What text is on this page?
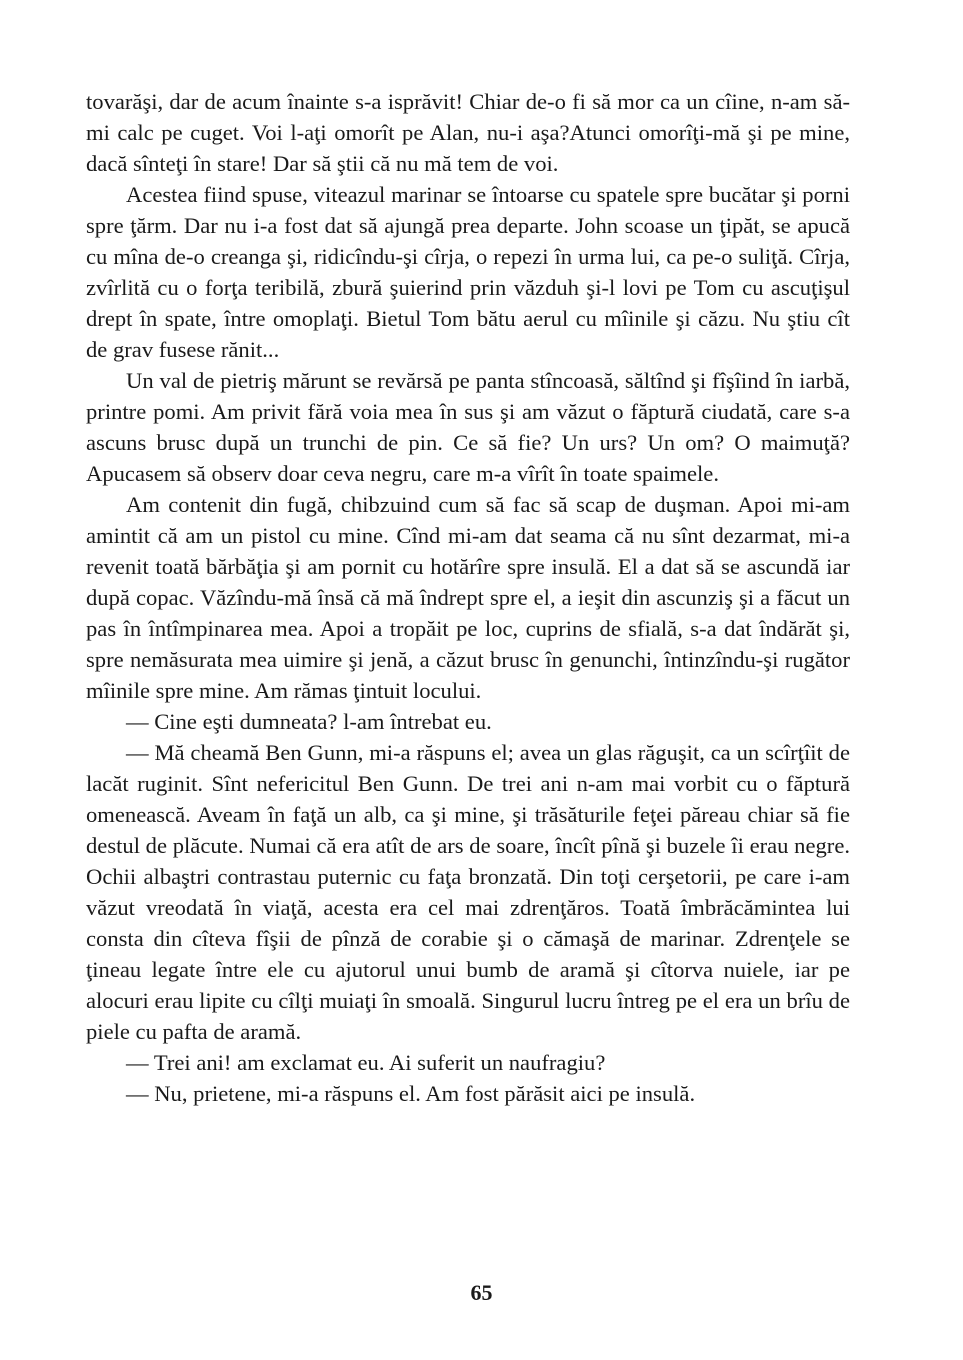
tovarăşi, dar de acum înainte s-a isprăvit! Chiar de-o fi să mor ca un cîine, n-am să-mi calc pe cuget. Voi l-aţi omorît pe Alan, nu-i aşa?Atunci omorîţi-mă şi pe mine, dacă sînteţi în stare! Dar să ştii că nu mă tem de voi.

Acestea fiind spuse, viteazul marinar se întoarse cu spatele spre bucătar şi porni spre ţărm. Dar nu i-a fost dat să ajungă prea departe. John scoase un ţipăt, se apucă cu mîna de-o creanga şi, ridicîndu-şi cîrja, o repezi în urma lui, ca pe-o suliţă. Cîrja, zvîrlită cu o forţa teribilă, zbură şuierind prin văzduh şi-l lovi pe Tom cu ascuţişul drept în spate, între omoplaţi. Bietul Tom bătu aerul cu mîinile şi căzu. Nu ştiu cît de grav fusese rănit...

Un val de pietriş mărunt se revărsă pe panta stîncoasă, săltînd şi fîşîind în iarbă, printre pomi. Am privit fără voia mea în sus şi am văzut o făptură ciudată, care s-a ascuns brusc după un trunchi de pin. Ce să fie? Un urs? Un om? O maimuţă? Apucasem să observ doar ceva negru, care m-a vîrît în toate spaimele.

Am contenit din fugă, chibzuind cum să fac să scap de duşman. Apoi mi-am amintit că am un pistol cu mine. Cînd mi-am dat seama că nu sînt dezarmat, mi-a revenit toată bărbăţia şi am pornit cu hotărîre spre insulă. El a dat să se ascundă iar după copac. Văzîndu-mă însă că mă îndrept spre el, a ieşit din ascunziş şi a făcut un pas în întîmpinarea mea. Apoi a tropăit pe loc, cuprins de sfială, s-a dat îndărăt şi, spre nemăsurata mea uimire şi jenă, a căzut brusc în genunchi, întinzîndu-şi rugător mîinile spre mine. Am rămas ţintuit locului.

— Cine eşti dumneata? l-am întrebat eu.

— Mă cheamă Ben Gunn, mi-a răspuns el; avea un glas răguşit, ca un scîrţîit de lacăt ruginit. Sînt nefericitul Ben Gunn. De trei ani n-am mai vorbit cu o făptură omenească. Aveam în faţă un alb, ca şi mine, şi trăsăturile feţei păreau chiar să fie destul de plăcute. Numai că era atît de ars de soare, încît pînă şi buzele îi erau negre. Ochii albaştri contrastau puternic cu faţa bronzată. Din toţi cerşetorii, pe care i-am văzut vreodată în viaţă, acesta era cel mai zdrenţăros. Toată îmbrăcămintea lui consta din cîteva fîşii de pînză de corabie şi o cămaşă de marinar. Zdrenţele se ţineau legate între ele cu ajutorul unui bumb de aramă şi cîtorva nuiele, iar pe alocuri erau lipite cu cîlţi muiaţi în smoală. Singurul lucru întreg pe el era un brîu de piele cu pafta de aramă.

— Trei ani! am exclamat eu. Ai suferit un naufragiu?

— Nu, prietene, mi-a răspuns el. Am fost părăsit aici pe insulă.

65
